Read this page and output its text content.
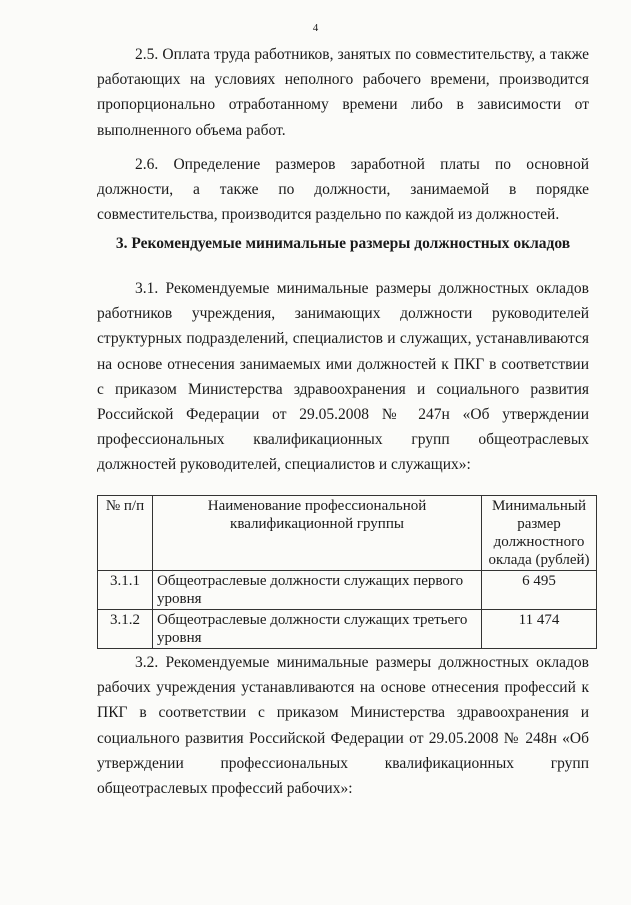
4

2.5. Оплата труда работников, занятых по совместительству, а также работающих на условиях неполного рабочего времени, производится пропорционально отработанному времени либо в зависимости от выполненного объема работ.

2.6. Определение размеров заработной платы по основной должности, а также по должности, занимаемой в порядке совместительства, производится раздельно по каждой из должностей.

3. Рекомендуемые минимальные размеры должностных окладов

3.1. Рекомендуемые минимальные размеры должностных окладов работников учреждения, занимающих должности руководителей структурных подразделений, специалистов и служащих, устанавливаются на основе отнесения занимаемых ими должностей к ПКГ в соответствии с приказом Министерства здравоохранения и социального развития Российской Федерации от 29.05.2008 № 247н «Об утверждении профессиональных квалификационных групп общеотраслевых должностей руководителей, специалистов и служащих»:

№ п/п	Наименование профессиональной квалификационной группы	Минимальный размер должностного оклада (рублей)
3.1.1	Общеотраслевые должности служащих первого уровня	6 495
3.1.2	Общеотраслевые должности служащих третьего уровня	11 474

3.2. Рекомендуемые минимальные размеры должностных окладов рабочих учреждения устанавливаются на основе отнесения профессий к ПКГ в соответствии с приказом Министерства здравоохранения и социального развития Российской Федерации от 29.05.2008 № 248н «Об утверждении профессиональных квалификационных групп общеотраслевых профессий рабочих»:
